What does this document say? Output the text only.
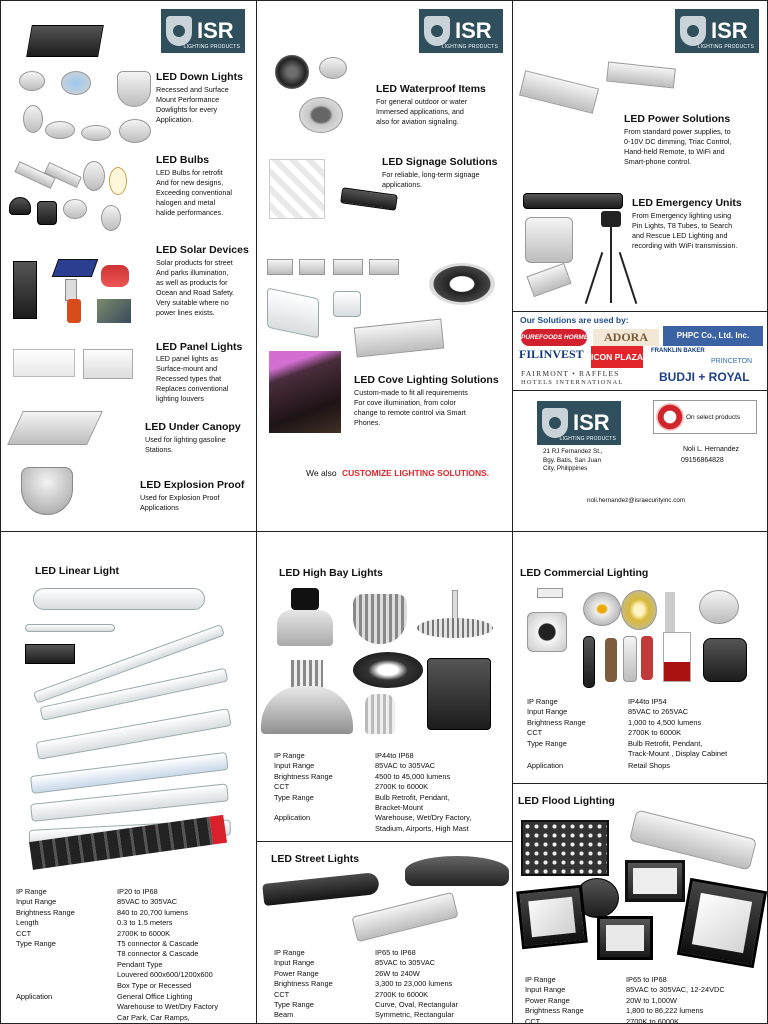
ISR
LIGHTING PRODUCTS
LED Down Lights
Recessed and Surface
Mount Performance
Dowlights for every
Application.
LED Bulbs
LED Bulbs for retrofit
And for new designs,
Exceeding conventional
halogen and metal
halide performances.
LED Solar Devices
Solar products for street
And parks illumination,
as well as products for
Ocean and Road Safety.
Very suitable where no
power lines exists.
LED Panel Lights
LED panel lights as
Surface-mount and
Recessed types that
Replaces conventional
lighting louvers
LED Under Canopy
Used for lighting gasoline
Stations.
LED Explosion Proof
Used for Explosion Proof
Applications
ISR
LIGHTING PRODUCTS
LED Waterproof Items
For general outdoor or water
Immersed applications, and
also for aviation signaling.
LED Signage Solutions
For reliable, long-term signage
applications.
LED Cove Lighting Solutions
Custom-made to fit all requirements
For cove illumination, from color
change to remote control via Smart
Phones.
We also CUSTOMIZE LIGHTING SOLUTIONS.
ISR
LIGHTING PRODUCTS
LED Power Solutions
From standard power supplies, to
0-10V DC dimming, Triac Control,
Hand-held Remote, to WiFi and
Smart-phone control.
LED Emergency Units
From Emergency lighting using
Pin Lights, T8 Tubes, to Search
and Rescue LED Lighting and
recording with WiFi transmission.
Our Solutions are used by:
PUREFOODS HORMEL ADORA	PHPC Co., Ltd. Inc.
FILINVEST ICON PLAZA
FRANKLIN BAKER
PRINCETON
FAIRMONT • RAFFLES
HOTELS INTERNATIONAL	BUDJI + ROYAL
ISR
LIGHTING PRODUCTS
On select products
Noli L. Hernandez
09156864828
21 RJ Fernandez St.,
Bgy. Batis, San Juan
City, Philippines
noli.hernandez@israecurityinc.com
LED Linear Light
IP Range	IP20 to IP68
Input Range	85VAC to 305VAC
Brightness Range	840 to 20,700 lumens
Length	0.3 to 1.5 meters
CCT	2700K to 6000K
Type Range	T5 connector & Cascade
T8 connector & Cascade
Pendant Type
Louvered 600x600/1200x600
Box Type or Recessed
Application	General Office Lighting
Warehouse to Wet/Dry Factory
Car Park, Car Ramps,
LED High Bay Lights
IP Range	IP44to IP68
Input Range	85VAC to 305VAC
Brightness Range	4500 to 45,000 lumens
CCT	2700K to 6000K
Type Range	Bulb Retrofit, Pendant,
Bracket-Mount
Application	Warehouse, Wet/Dry Factory,
Stadium, Airports, High Mast
LED Street Lights
IP Range	IP65 to IP68
Input Range	85VAC to 305VAC
Power Range	26W to 240W
Brightness Range	3,300 to 23,000 lumens
CCT	2700K to 6000K
Type Range	Curve, Oval, Rectangular
Beam	Symmetric, Rectangular
LED Commercial Lighting
IP Range	IP44to IP54
Input Range	85VAC to 265VAC
Brightness Range	1,000 to 4,500 lumens
CCT	2700K to 6000K
Type Range	Bulb Retrofit, Pendant,
Track-Mount , Display Cabinet
Application	Retail Shops
LED Flood Lighting
IP Range	IP65 to IP68
Input Range	85VAC to 305VAC, 12-24VDC
Power Range	20W to 1,000W
Brightness Range	1,800 to 86,222 lumens
CCT	2700K to 6000K
